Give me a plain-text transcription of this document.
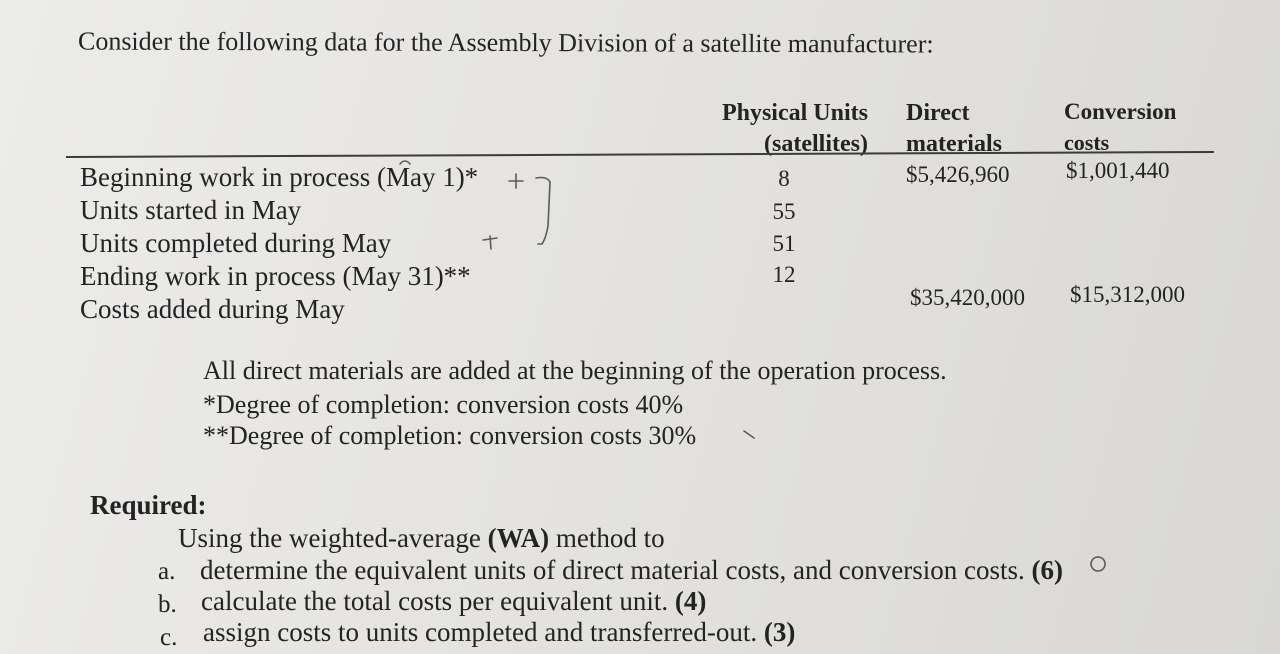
Consider the following data for the Assembly Division of a satellite manufacturer:
Physical Units
(satellites)
Direct
materials
Conversion
costs
Beginning work in process (May 1)*
Units started in May
Units completed during May
Ending work in process (May 31)**
Costs added during May
8
55
51
12
$5,426,960 $1,001,440
$35,420,000 $15,312,000
All direct materials are added at the beginning of the operation process.
*Degree of completion: conversion costs 40%
**Degree of completion: conversion costs 30%
Required:
Using the weighted-average (WA) method to
a. determine the equivalent units of direct material costs, and conversion costs. (6)
b. calculate the total costs per equivalent unit. (4)
c. assign costs to units completed and transferred-out. (3)
